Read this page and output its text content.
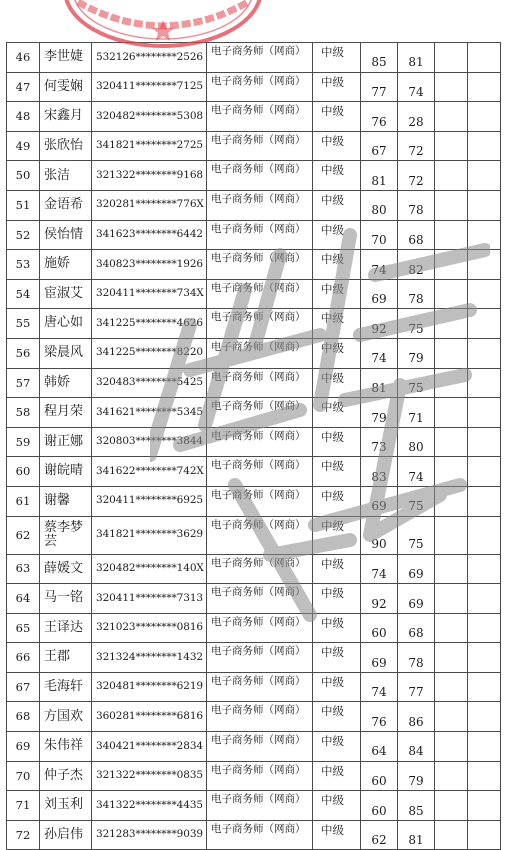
46	李世婕	532126********2526	电子商务师（网商）	中级	85	81		
47	何雯娴	320411********7125	电子商务师（网商）	中级	77	74		
48	宋鑫月	320482********5308	电子商务师（网商）	中级	76	28		
49	张欣怡	341821********2725	电子商务师（网商）	中级	67	72		
50	张洁	321322********9168	电子商务师（网商）	中级	81	72		
51	金语希	320281********776X	电子商务师（网商）	中级	80	78		
52	侯怡情	341623********6442	电子商务师（网商）	中级	70	68		
53	施娇	340823********1926	电子商务师（网商）	中级	74	82		
54	宦淑艾	320411********734X	电子商务师（网商）	中级	69	78		
55	唐心如	341225********4626	电子商务师（网商）	中级	92	75		
56	梁晨风	341225********8220	电子商务师（网商）	中级	74	79		
57	韩娇	320483********5425	电子商务师（网商）	中级	81	75		
58	程月荣	341621********5345	电子商务师（网商）	中级	79	71		
59	谢正娜	320803********3844	电子商务师（网商）	中级	73	80		
60	谢皖晴	341622********742X	电子商务师（网商）	中级	83	74		
61	谢馨	320411********6925	电子商务师（网商）	中级	69	75		
62	蔡李梦芸	341821********3629	电子商务师（网商）	中级	90	75		
63	薛媛文	320482********140X	电子商务师（网商）	中级	74	69		
64	马一铭	320411********7313	电子商务师（网商）	中级	92	69		
65	王译达	321023********0816	电子商务师（网商）	中级	60	68		
66	王郡	321324********1432	电子商务师（网商）	中级	69	78		
67	毛海轩	320481********6219	电子商务师（网商）	中级	74	77		
68	方国欢	360281********6816	电子商务师（网商）	中级	76	86		
69	朱伟祥	340421********2834	电子商务师（网商）	中级	64	84		
70	仲子杰	321322********0835	电子商务师（网商）	中级	60	79		
71	刘玉利	341322********4435	电子商务师（网商）	中级	60	85		
72	孙启伟	321283********9039	电子商务师（网商）	中级	62	81		
